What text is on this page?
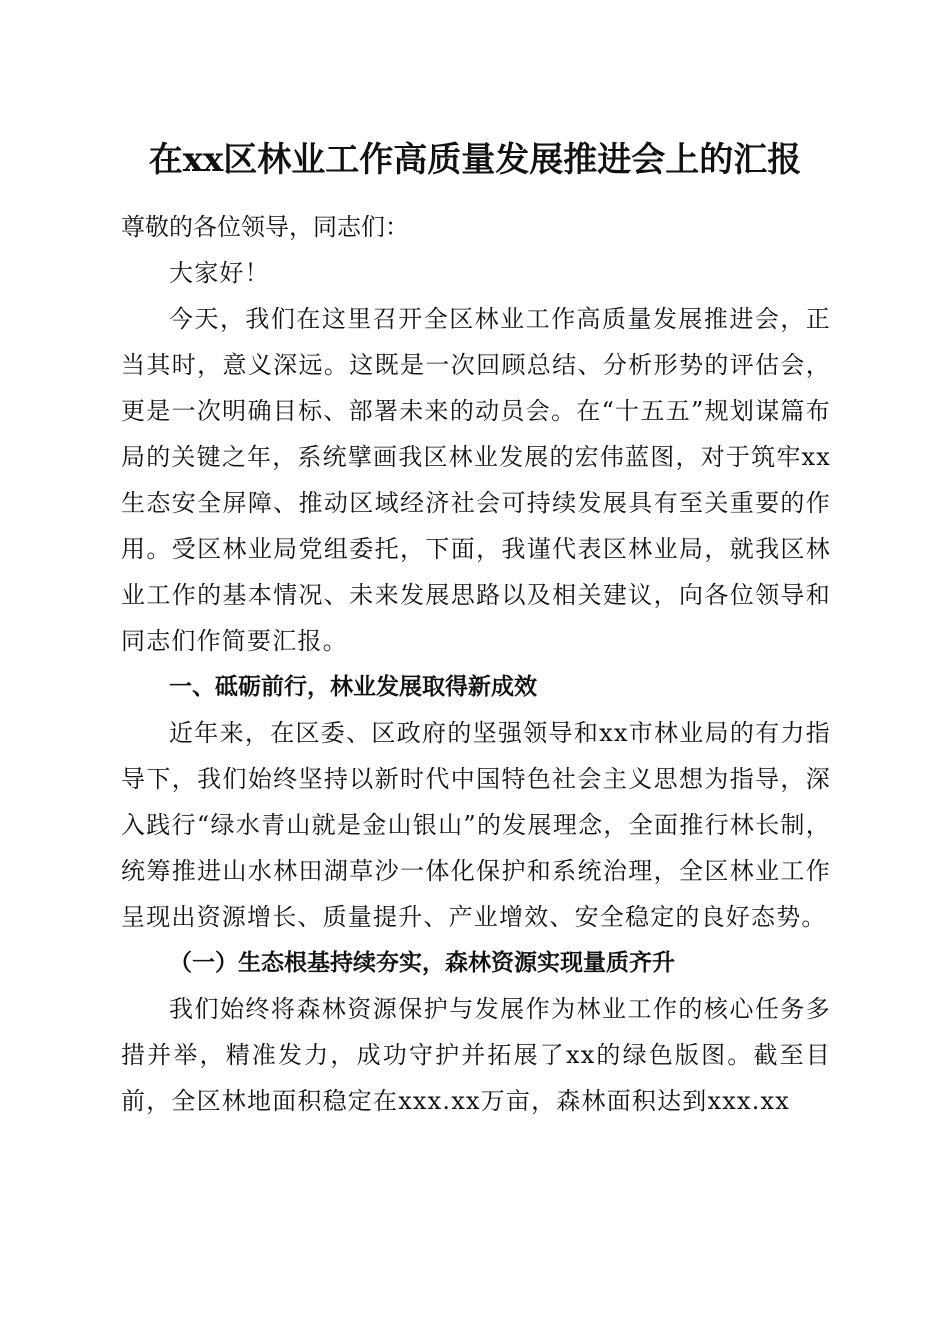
在xx区林业工作高质量发展推进会上的汇报

尊敬的各位领导，同志们：

大家好！

今天，我们在这里召开全区林业工作高质量发展推进会，正当其时，意义深远。这既是一次回顾总结、分析形势的评估会，更是一次明确目标、部署未来的动员会。在“十五五”规划谋篇布局的关键之年，系统擘画我区林业发展的宏伟蓝图，对于筑牢xx生态安全屏障、推动区域经济社会可持续发展具有至关重要的作用。受区林业局党组委托，下面，我谨代表区林业局，就我区林业工作的基本情况、未来发展思路以及相关建议，向各位领导和同志们作简要汇报。

一、砥砺前行，林业发展取得新成效

近年来，在区委、区政府的坚强领导和xx市林业局的有力指导下，我们始终坚持以新时代中国特色社会主义思想为指导，深入践行“绿水青山就是金山银山”的发展理念，全面推行林长制，统筹推进山水林田湖草沙一体化保护和系统治理，全区林业工作呈现出资源增长、质量提升、产业增效、安全稳定的良好态势。

（一）生态根基持续夯实，森林资源实现量质齐升

我们始终将森林资源保护与发展作为林业工作的核心任务多措并举，精准发力，成功守护并拓展了xx的绿色版图。截至目前，全区林地面积稳定在xxx.xx万亩，森林面积达到xxx.xx
